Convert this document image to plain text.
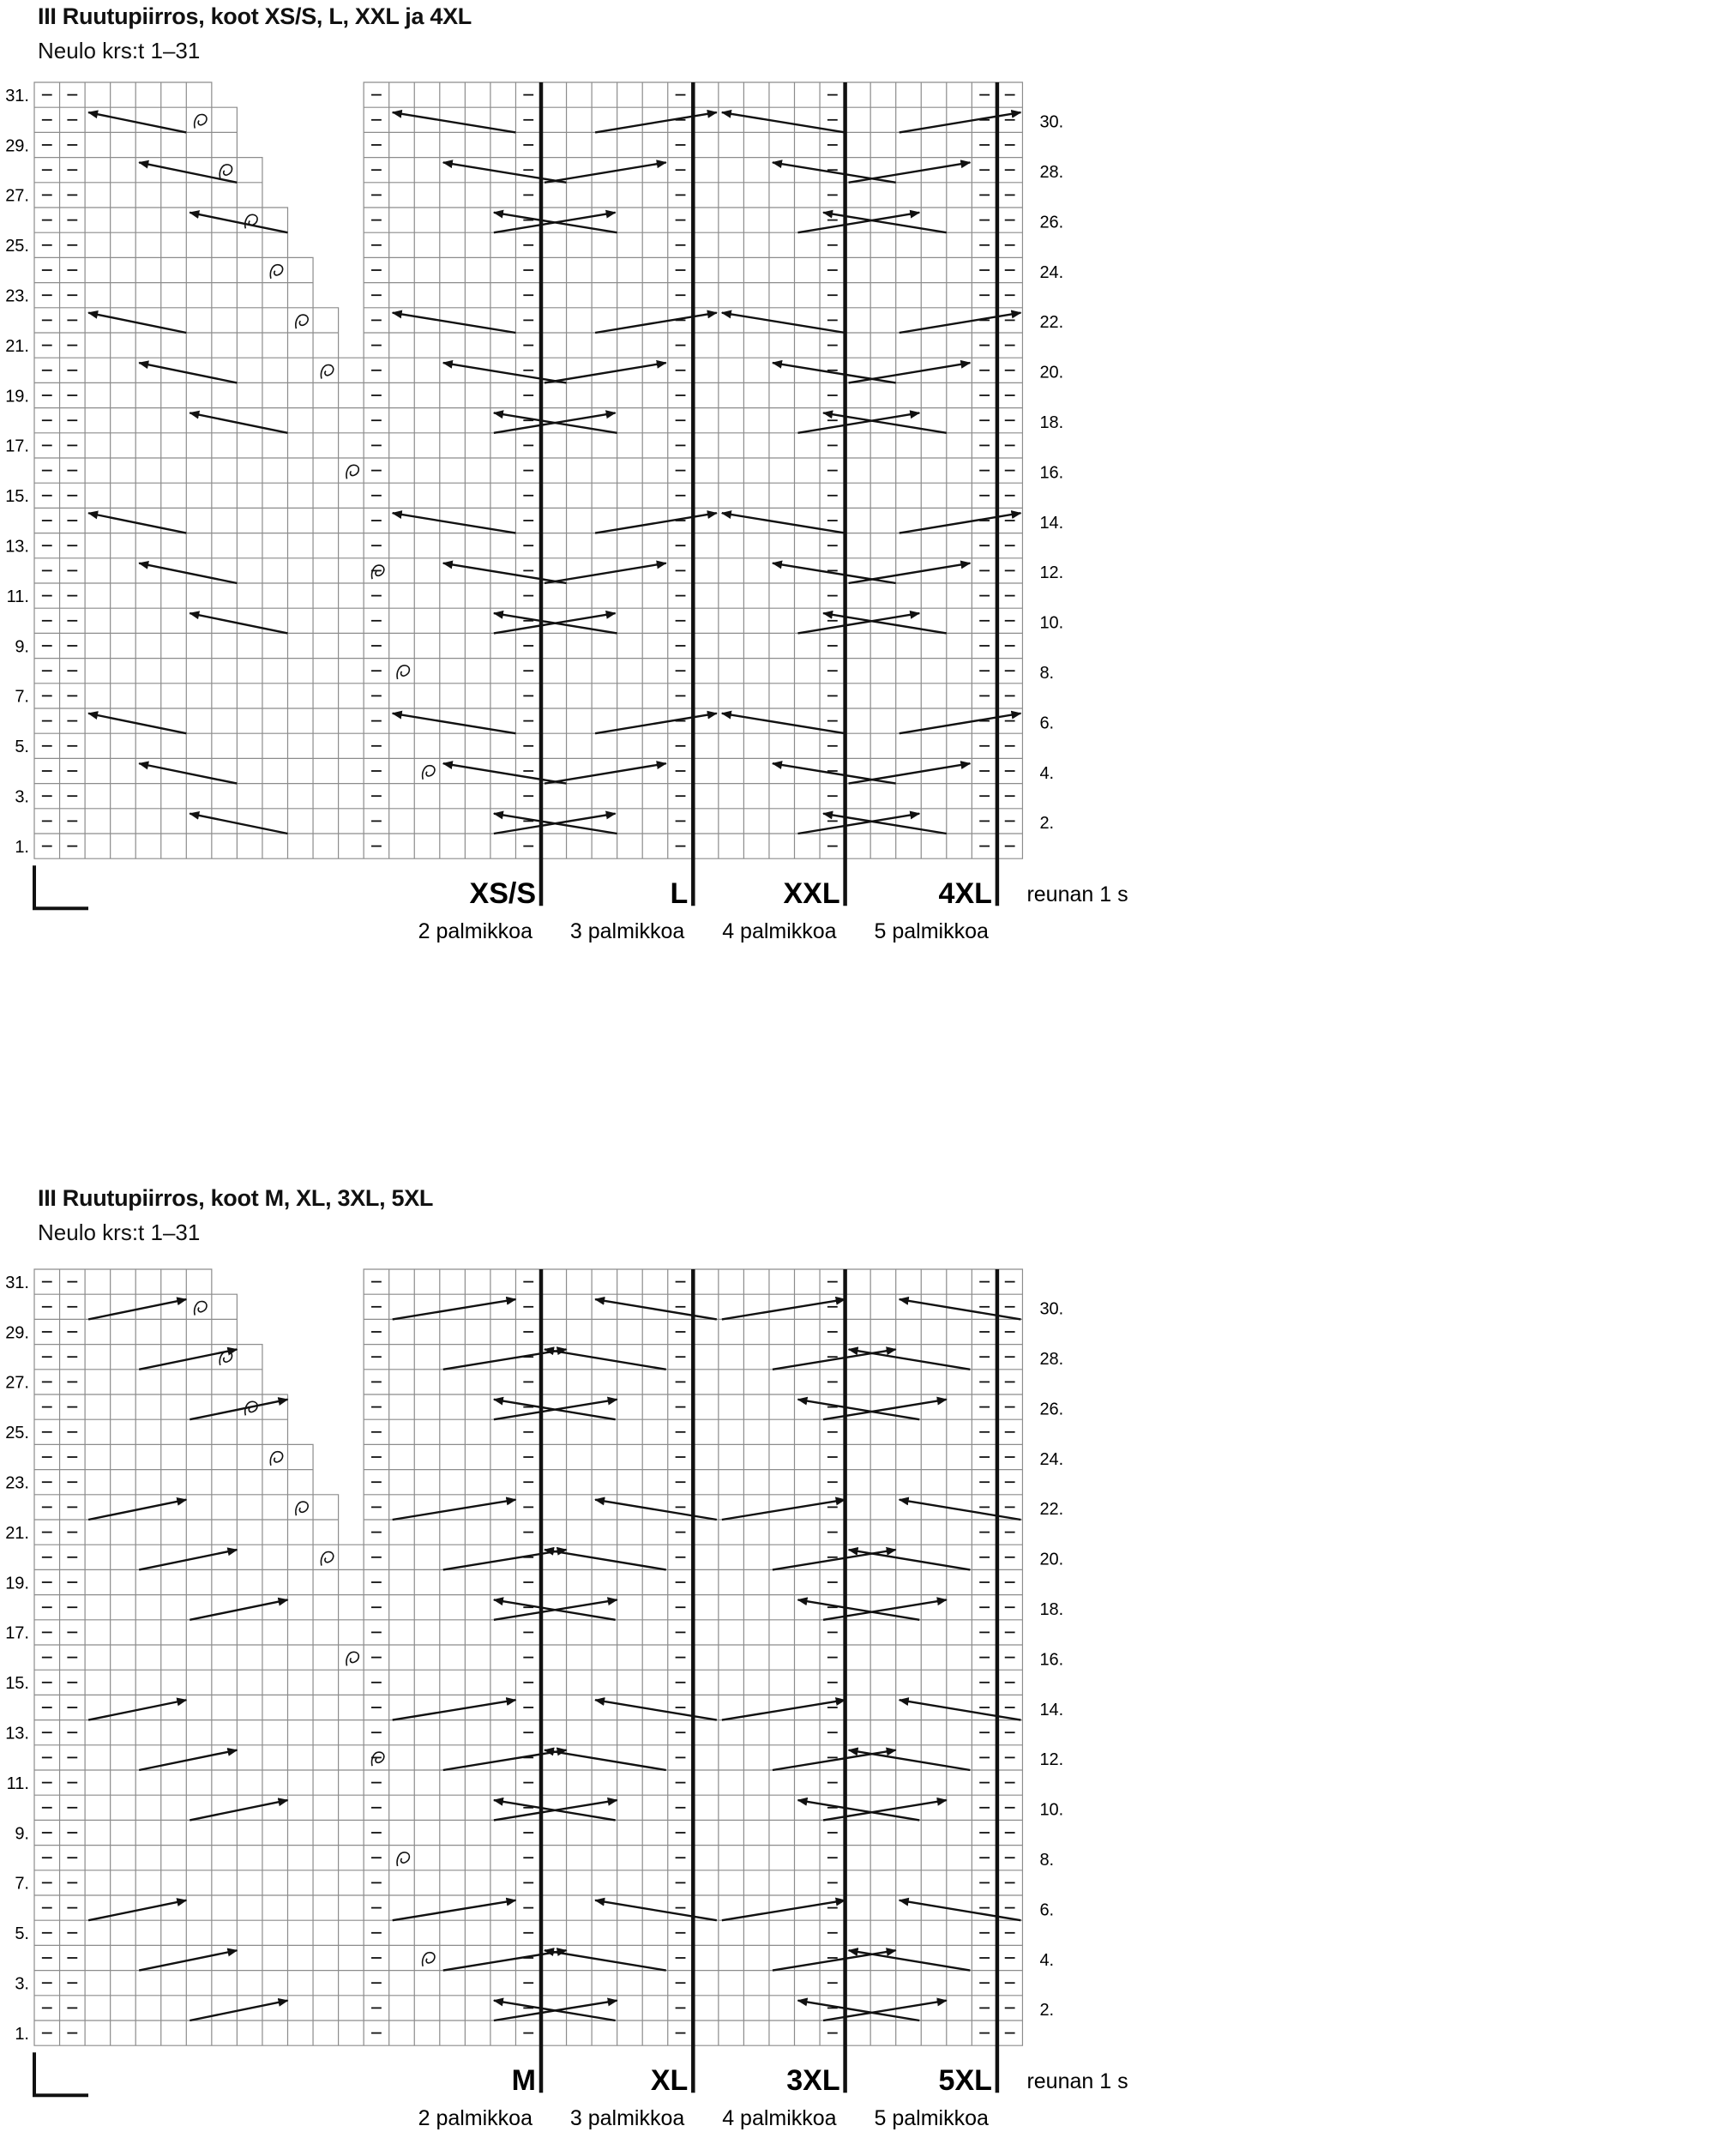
III Ruutupiirros, koot XS/S, L, XXL ja 4XL
Neulo krs:t 1–31
1.
3.
5.
7.
9.
11.
13.
15.
17.
19.
21.
23.
25.
27.
29.
31.
2.
4.
6.
8.
10.
12.
14.
16.
18.
20.
22.
24.
26.
28.
30.
XS/S	L	XXL	4XL
2 palmikkoa 3 palmikkoa 4 palmikkoa 5 palmikkoa
reunan 1 s
III Ruutupiirros, koot M, XL, 3XL, 5XL
Neulo krs:t 1–31
1.
3.
5.
7.
9.
11.
13.
15.
17.
19.
21.
23.
25.
27.
29.
31.
2.
4.
6.
8.
10.
12.
14.
16.
18.
20.
22.
24.
26.
28.
30.
M	XL	3XL	5XL
2 palmikkoa 3 palmikkoa 4 palmikkoa 5 palmikkoa
reunan 1 s
